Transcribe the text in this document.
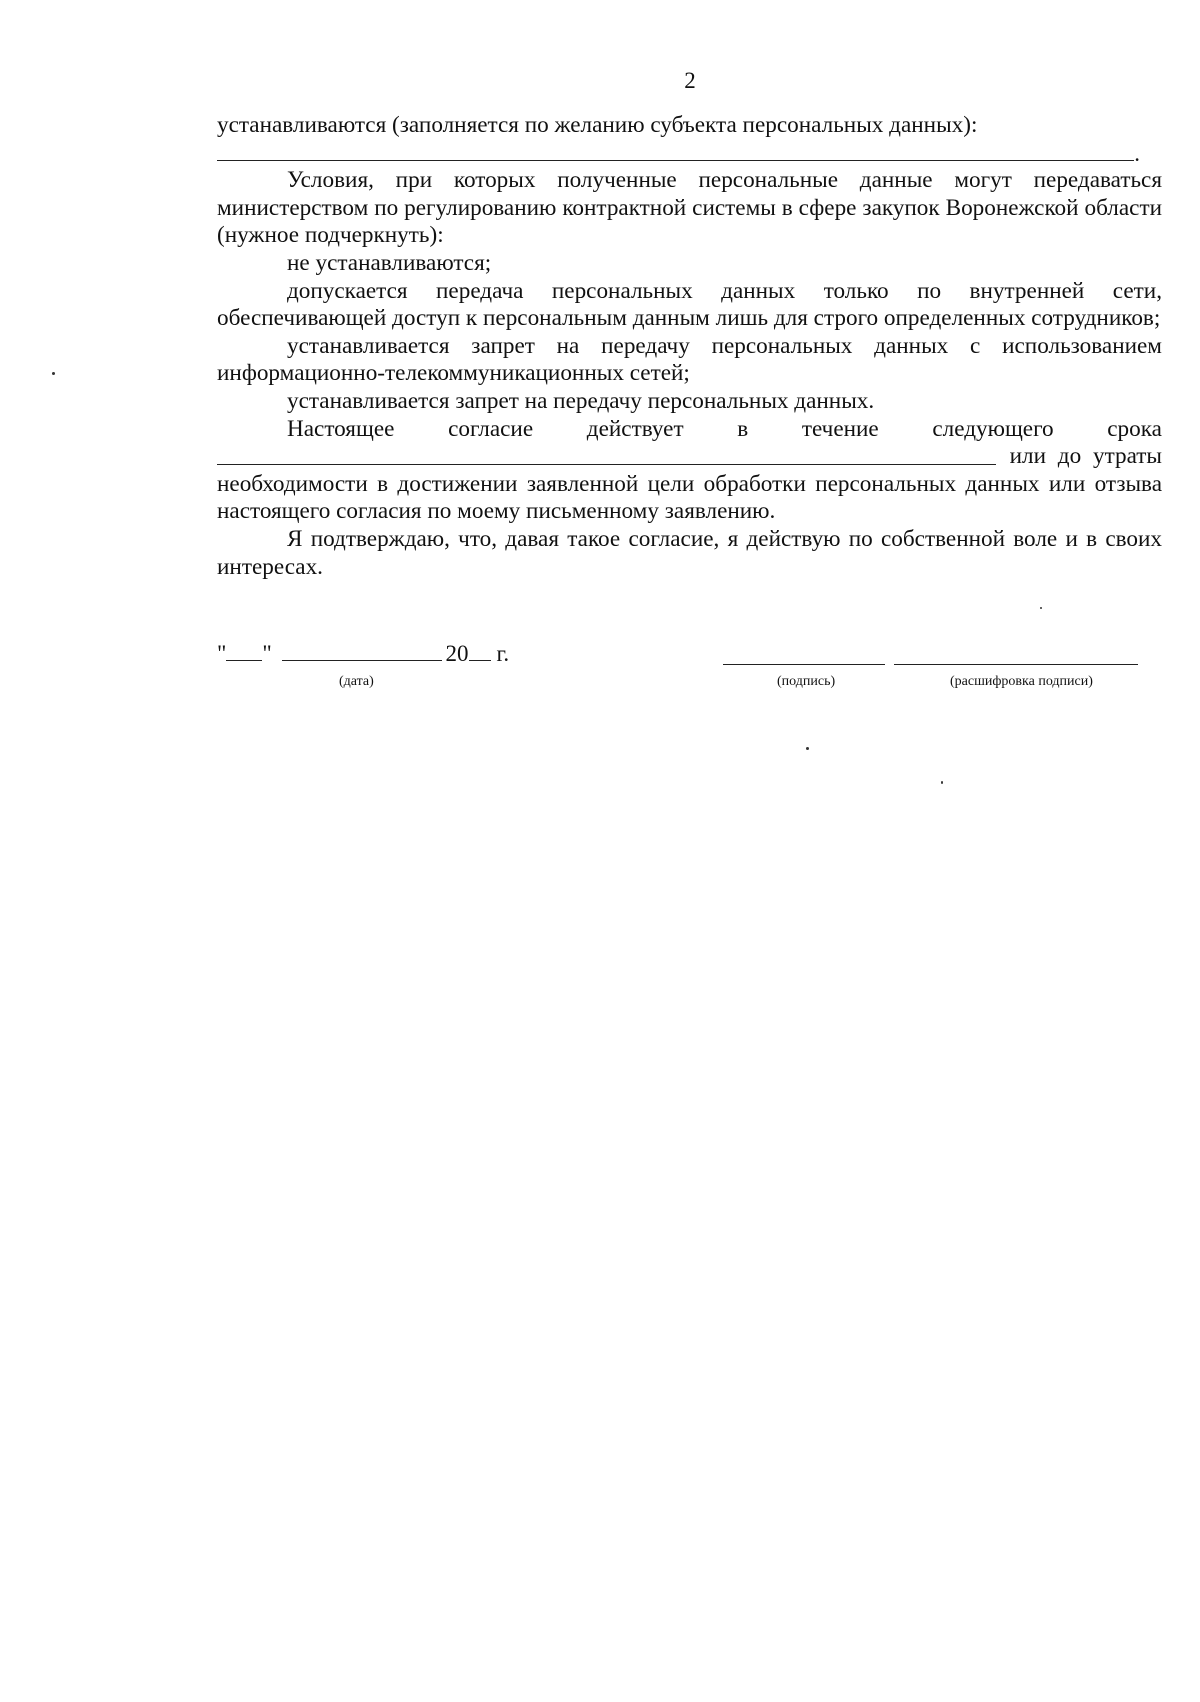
2

устанавливаются (заполняется по желанию субъекта персональных данных):

.

Условия, при которых полученные персональные данные могут передаваться министерством по регулированию контрактной системы в сфере закупок Воронежской области (нужное подчеркнуть):

не устанавливаются;

допускается передача персональных данных только по внутренней сети, обеспечивающей доступ к персональным данным лишь для строго определенных сотрудников;

устанавливается запрет на передачу персональных данных с использованием информационно-телекоммуникационных сетей;

устанавливается запрет на передачу персональных данных.

Настоящее согласие действует в течение следующего срока
или до утраты

необходимости в достижении заявленной цели обработки персональных данных или отзыва настоящего согласия по моему письменному заявлению.

Я подтверждаю, что, давая такое согласие, я действую по собственной воле и в своих интересах.

" "	20 г.
(дата)	(подпись)	(расшифровка подписи)
